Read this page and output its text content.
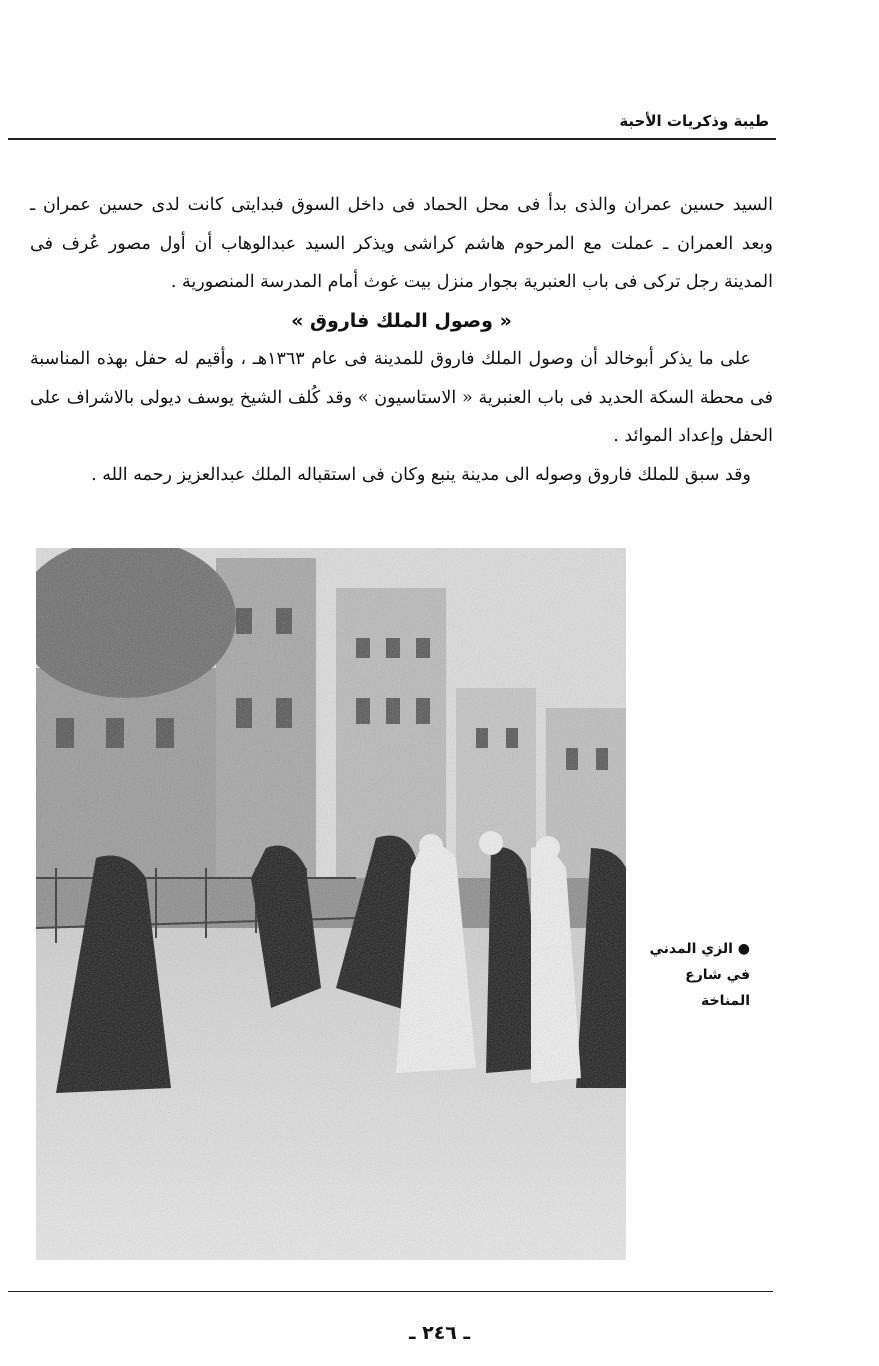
طيبة وذكريات الأحبة

السيد حسين عمران والذى بدأ فى محل الحماد فى داخل السوق فبدايتى كانت لدى حسين عمران ـ وبعد العمران ـ عملت مع المرحوم هاشم كراشى ويذكر السيد عبدالوهاب أن أول مصور عُرف فى المدينة رجل تركى فى باب العنبرية بجوار منزل بيت غوث أمام المدرسة المنصورية .

« وصول الملك فاروق »

على ما يذكر أبوخالد أن وصول الملك فاروق للمدينة فى عام ١٣٦٣هـ ، وأقيم له حفل بهذه المناسبة فى محطة السكة الحديد فى باب العنبرية « الاستاسيون » وقد كُلف الشيخ يوسف ديولى بالاشراف على الحفل وإعداد الموائد .

وقد سبق للملك فاروق وصوله الى مدينة ينبع وكان فى استقباله الملك عبدالعزيز رحمه الله .

● الزي المدني في شارع المناخة
ـ ٢٤٦ ـ
